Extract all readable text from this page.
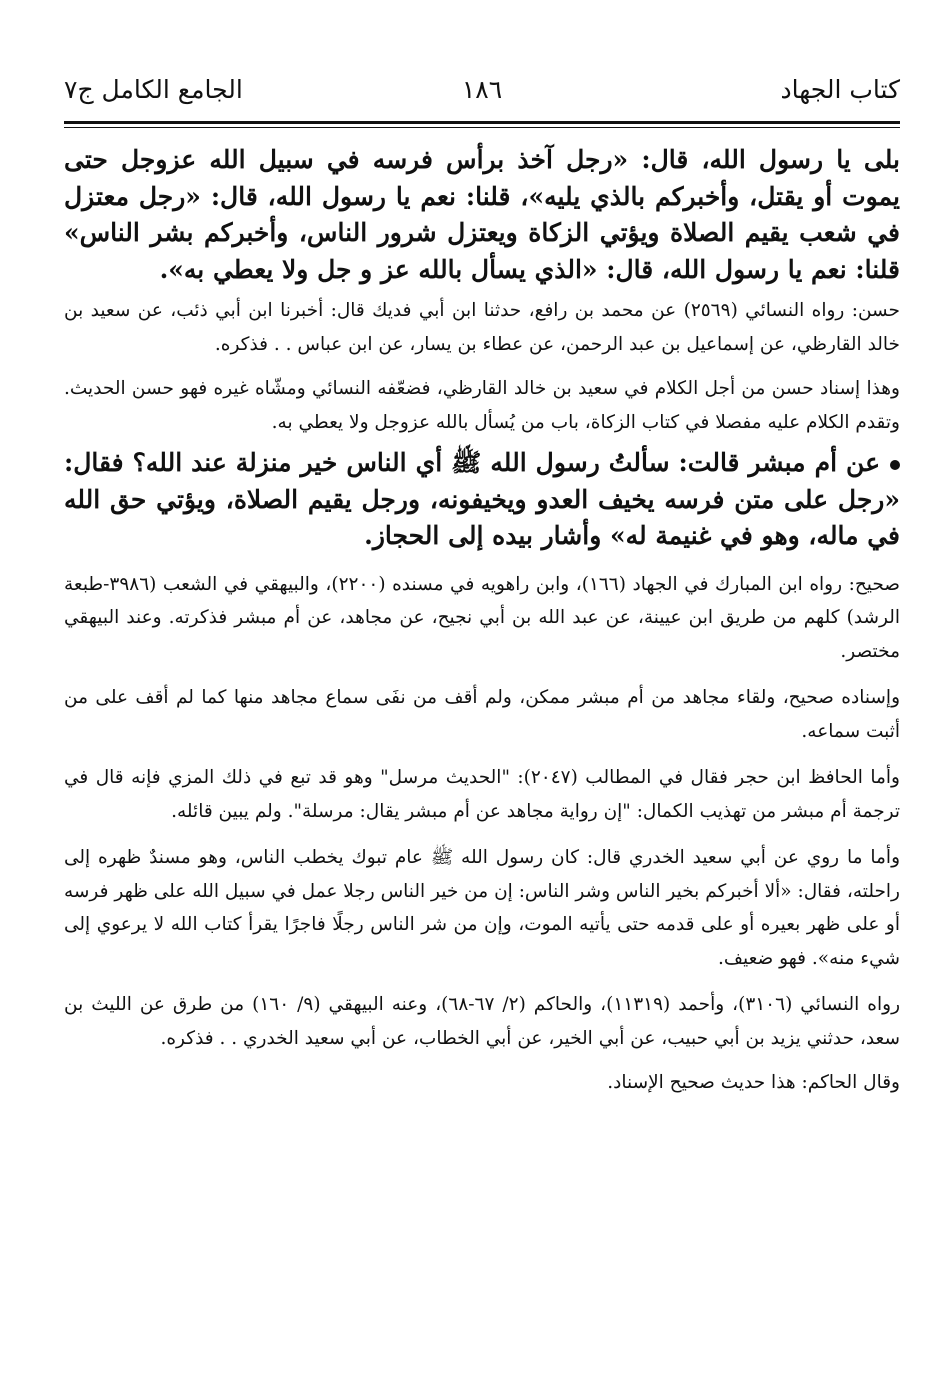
كتاب الجهاد
١٨٦
الجامع الكامل ج٧

بلى يا رسول الله، قال: «رجل آخذ برأس فرسه في سبيل الله عزوجل حتى يموت أو يقتل، وأخبركم بالذي يليه»، قلنا: نعم يا رسول الله، قال: «رجل معتزل في شعب يقيم الصلاة ويؤتي الزكاة ويعتزل شرور الناس، وأخبركم بشر الناس» قلنا: نعم يا رسول الله، قال: «الذي يسأل بالله عز و جل ولا يعطي به».

حسن: رواه النسائي (٢٥٦٩) عن محمد بن رافع، حدثنا ابن أبي فديك قال: أخبرنا ابن أبي ذئب، عن سعيد بن خالد القارظي، عن إسماعيل بن عبد الرحمن، عن عطاء بن يسار، عن ابن عباس . . فذكره.

وهذا إسناد حسن من أجل الكلام في سعيد بن خالد القارظي، فضعّفه النسائي ومشّاه غيره فهو حسن الحديث. وتقدم الكلام عليه مفصلا في كتاب الزكاة، باب من يُسأل بالله عزوجل ولا يعطي به.

عن أم مبشر قالت: سألتُ رسول الله ﷺ أي الناس خير منزلة عند الله؟ فقال: «رجل على متن فرسه يخيف العدو ويخيفونه، ورجل يقيم الصلاة، ويؤتي حق الله في ماله، وهو في غنيمة له» وأشار بيده إلى الحجاز.

صحيح: رواه ابن المبارك في الجهاد (١٦٦)، وابن راهويه في مسنده (٢٢٠٠)، والبيهقي في الشعب (٣٩٨٦-طبعة الرشد) كلهم من طريق ابن عيينة، عن عبد الله بن أبي نجيح، عن مجاهد، عن أم مبشر فذكرته. وعند البيهقي مختصر.

وإسناده صحيح، ولقاء مجاهد من أم مبشر ممكن، ولم أقف من نفَى سماع مجاهد منها كما لم أقف على من أثبت سماعه.

وأما الحافظ ابن حجر فقال في المطالب (٢٠٤٧): "الحديث مرسل" وهو قد تبع في ذلك المزي فإنه قال في ترجمة أم مبشر من تهذيب الكمال: "إن رواية مجاهد عن أم مبشر يقال: مرسلة". ولم يبين قائله.

وأما ما روي عن أبي سعيد الخدري قال: كان رسول الله ﷺ عام تبوك يخطب الناس، وهو مسندٌ ظهره إلى راحلته، فقال: «ألا أخبركم بخير الناس وشر الناس: إن من خير الناس رجلا عمل في سبيل الله على ظهر فرسه أو على ظهر بعيره أو على قدمه حتى يأتيه الموت، وإن من شر الناس رجلًا فاجرًا يقرأ كتاب الله لا يرعوي إلى شيء منه». فهو ضعيف.

رواه النسائي (٣١٠٦)، وأحمد (١١٣١٩)، والحاكم (٢/ ٦٧-٦٨)، وعنه البيهقي (٩/ ١٦٠) من طرق عن الليث بن سعد، حدثني يزيد بن أبي حبيب، عن أبي الخير، عن أبي الخطاب، عن أبي سعيد الخدري . . فذكره.

وقال الحاكم: هذا حديث صحيح الإسناد.
